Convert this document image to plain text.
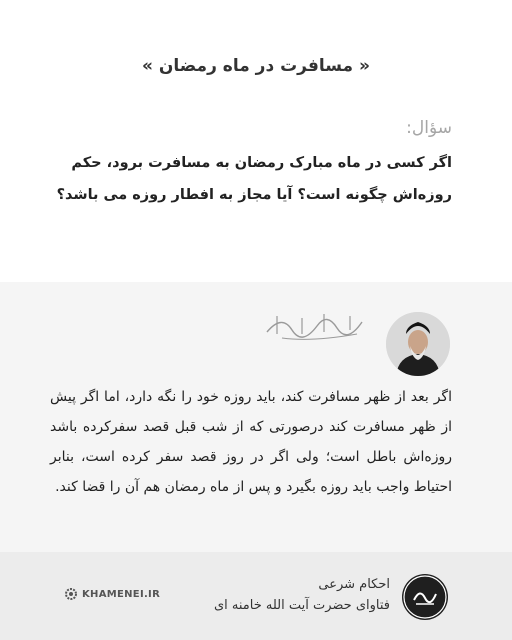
« مسافرت در ماه رمضان »
سؤال:
اگر کسی در ماه مبارک رمضان به مسافرت برود، حکم روزه‌اش چگونه است؟ آیا مجاز به افطار روزه می باشد؟
اگر بعد از ظهر مسافرت کند، باید روزه خود را نگه دارد، اما اگر پیش از ظهر مسافرت کند درصورتی که از شب قبل قصد سفرکرده باشد روزه‌اش باطل است؛ ولی اگر در روز قصد سفر کرده است، بنابر احتیاط واجب باید روزه بگیرد و پس از ماه رمضان هم آن را قضا کند.
احکام شرعی
فتاوای حضرت آیت الله خامنه ای
KHAMENEI.IR
